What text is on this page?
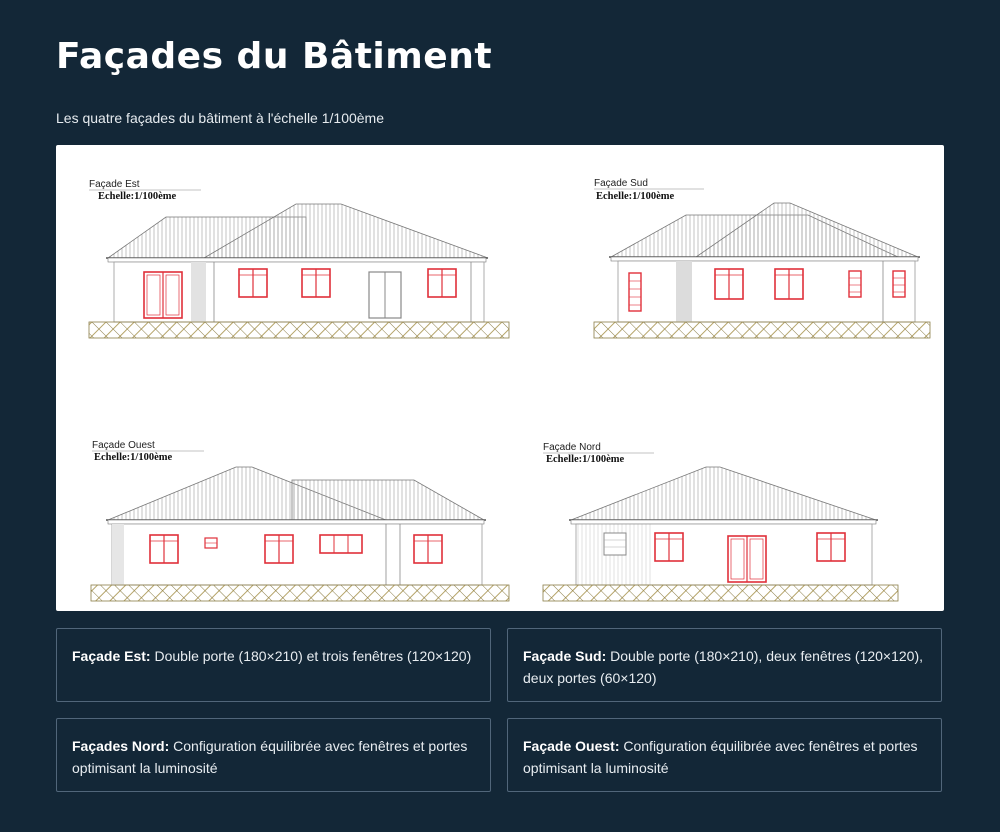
Façades du Bâtiment

Les quatre façades du bâtiment à l'échelle 1/100ème

Façade Est
Echelle:1/100ème
Façade Sud
Echelle:1/100ème
Façade Ouest
Echelle:1/100ème
Façade Nord
Echelle:1/100ème
Façade Est: Double porte (180×210) et trois fenêtres (120×120)	Façade Sud: Double porte (180×210), deux fenêtres (120×120), deux portes (60×120)
Façades Nord: Configuration équilibrée avec fenêtres et portes optimisant la luminosité
Façade Ouest: Configuration équilibrée avec fenêtres et portes optimisant la luminosité
